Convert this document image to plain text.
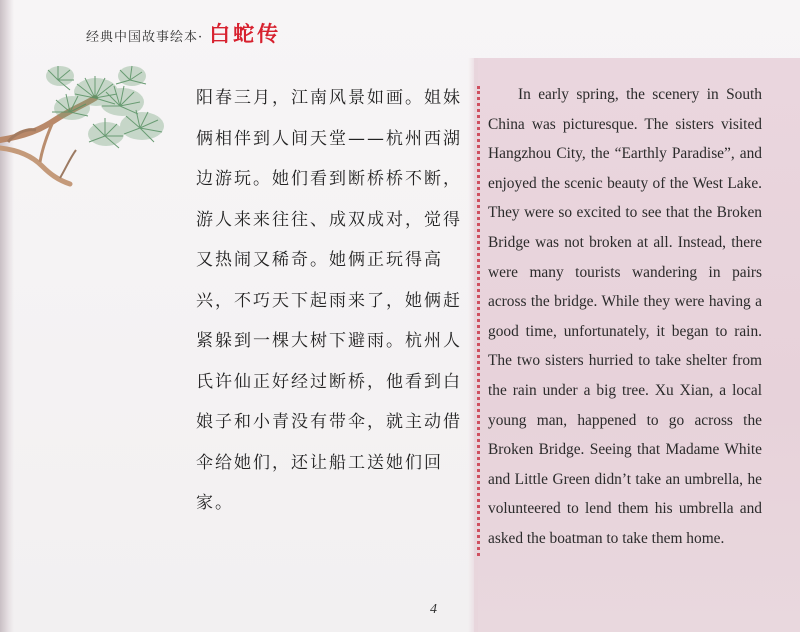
经典中国故事绘本· 白蛇传

阳春三月，江南风景如画。姐妹俩相伴到人间天堂——杭州西湖边游玩。她们看到断桥桥不断，游人来来往往、成双成对，觉得又热闹又稀奇。她俩正玩得高兴，不巧天下起雨来了，她俩赶紧躲到一棵大树下避雨。杭州人氏许仙正好经过断桥，他看到白娘子和小青没有带伞，就主动借伞给她们，还让船工送她们回家。

In early spring, the scenery in South China was picturesque. The sisters visited Hangzhou City, the “Earthly Paradise”, and enjoyed the scenic beauty of the West Lake. They were so excited to see that the Broken Bridge was not broken at all. Instead, there were many tourists wandering in pairs across the bridge. While they were having a good time, unfortunately, it began to rain. The two sisters hurried to take shelter from the rain under a big tree. Xu Xian, a local young man, happened to go across the Broken Bridge. Seeing that Madame White and Little Green didn’t take an umbrella, he volunteered to lend them his umbrella and asked the boatman to take them home.

4
